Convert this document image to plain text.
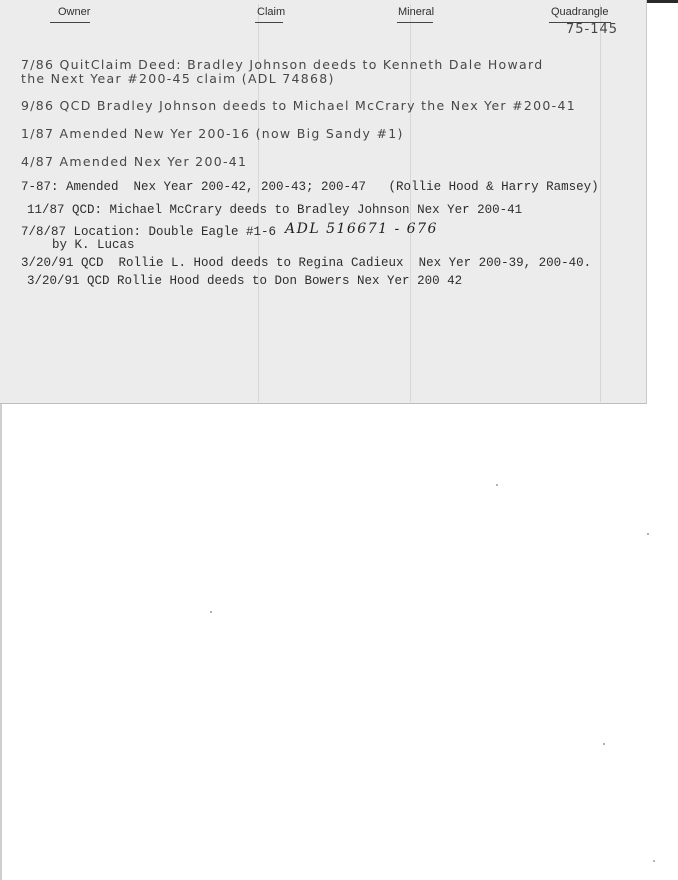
Owner	Claim	Mineral	Quadrangle
75-145
7/86 QuitClaim Deed: Bradley Johnson deeds to Kenneth Dale Howard
the Next Year #200-45 claim (ADL 74868)
9/86 QCD Bradley Johnson deeds to Michael McCrary the Nex Yer #200-41
1/87 Amended New Yer 200-16 (now Big Sandy #1)
4/87 Amended Nex Yer 200-41
7-87: Amended  Nex Year 200-42, 200-43; 200-47   (Rollie Hood & Harry Ramsey)
11/87 QCD: Michael McCrary deeds to Bradley Johnson Nex Yer 200-41
7/8/87 Location: Double Eagle #1-6 ADL 516671 - 676
by K. Lucas
3/20/91 QCD  Rollie L. Hood deeds to Regina Cadieux  Nex Yer 200-39, 200-40.
3/20/91 QCD Rollie Hood deeds to Don Bowers Nex Yer 200 42
